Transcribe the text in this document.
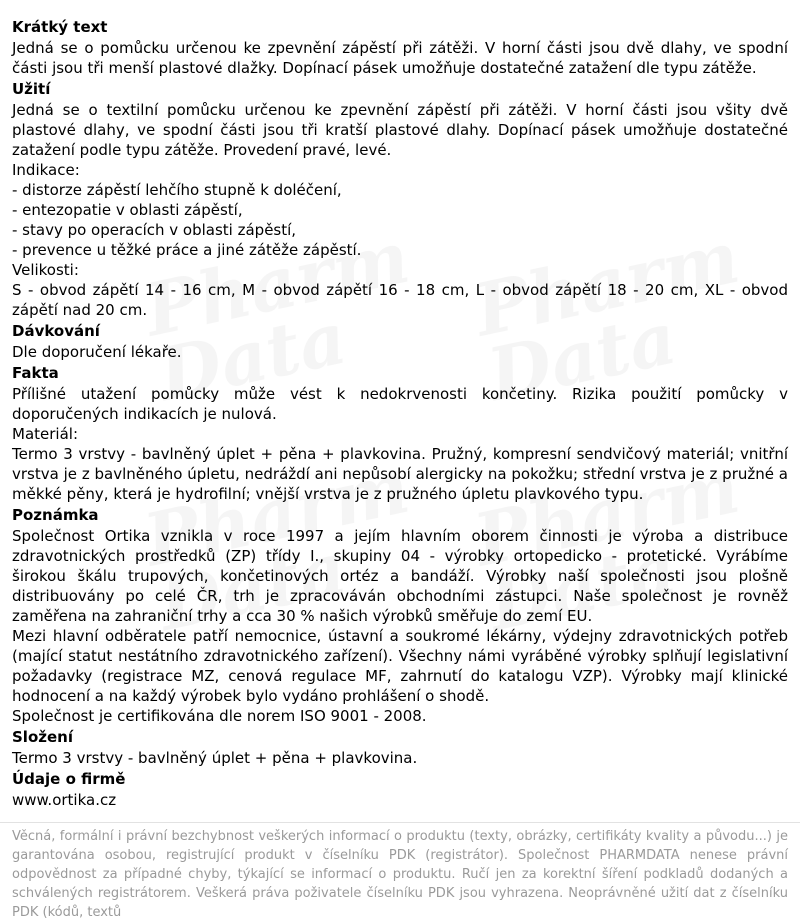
Krátký text

Jedná se o pomůcku určenou ke zpevnění zápěstí při zátěži. V horní části jsou dvě dlahy, ve spodní části jsou tři menší plastové dlažky. Dopínací pásek umožňuje dostatečné zatažení dle typu zátěže.

Užití

Jedná se o textilní pomůcku určenou ke zpevnění zápěstí při zátěži. V horní části jsou všity dvě plastové dlahy, ve spodní části jsou tři kratší plastové dlahy. Dopínací pásek umožňuje dostatečné zatažení podle typu zátěže. Provedení pravé, levé.

Indikace:

- distorze zápěstí lehčího stupně k doléčení,

- entezopatie v oblasti zápěstí,

- stavy po operacích v oblasti zápěstí,

- prevence u těžké práce a jiné zátěže zápěstí.

Velikosti:

S - obvod zápětí 14 - 16 cm, M - obvod zápětí 16 - 18 cm, L - obvod zápětí 18 - 20 cm, XL - obvod zápětí nad 20 cm.

Dávkování

Dle doporučení lékaře.

Fakta

Přílišné utažení pomůcky může vést k nedokrvenosti končetiny. Rizika použití pomůcky v doporučených indikacích je nulová.

Materiál:

Termo 3 vrstvy - bavlněný úplet + pěna + plavkovina. Pružný, kompresní sendvičový materiál; vnitřní vrstva je z bavlněného úpletu, nedráždí ani nepůsobí alergicky na pokožku; střední vrstva je z pružné a měkké pěny, která je hydrofilní; vnější vrstva je z pružného úpletu plavkového typu.

Poznámka

Společnost Ortika vznikla v roce 1997 a jejím hlavním oborem činnosti je výroba a distribuce zdravotnických prostředků (ZP) třídy I., skupiny 04 - výrobky ortopedicko - protetické. Vyrábíme širokou škálu trupových, končetinových ortéz a bandáží. Výrobky naší společnosti jsou plošně distribuovány po celé ČR, trh je zpracováván obchodními zástupci. Naše společnost je rovněž zaměřena na zahraniční trhy a cca 30 % našich výrobků směřuje do zemí EU.

Mezi hlavní odběratele patří nemocnice, ústavní a soukromé lékárny, výdejny zdravotnických potřeb (mající statut nestátního zdravotnického zařízení). Všechny námi vyráběné výrobky splňují legislativní požadavky (registrace MZ, cenová regulace MF, zahrnutí do katalogu VZP). Výrobky mají klinické hodnocení a na každý výrobek bylo vydáno prohlášení o shodě.

Společnost je certifikována dle norem ISO 9001 - 2008.

Složení

Termo 3 vrstvy - bavlněný úplet + pěna + plavkovina.

Údaje o firmě

www.ortika.cz

Věcná, formální i právní bezchybnost veškerých informací o produktu (texty, obrázky, certifikáty kvality a původu...) je garantována osobou, registrující produkt v číselníku PDK (registrátor). Společnost PHARMDATA nenese právní odpovědnost za případné chyby, týkající se informací o produktu. Ručí jen za korektní šíření podkladů dodaných a schválených registrátorem. Veškerá práva poživatele číselníku PDK jsou vyhrazena. Neoprávněné užití dat z číselníku PDK (kódů, textů
